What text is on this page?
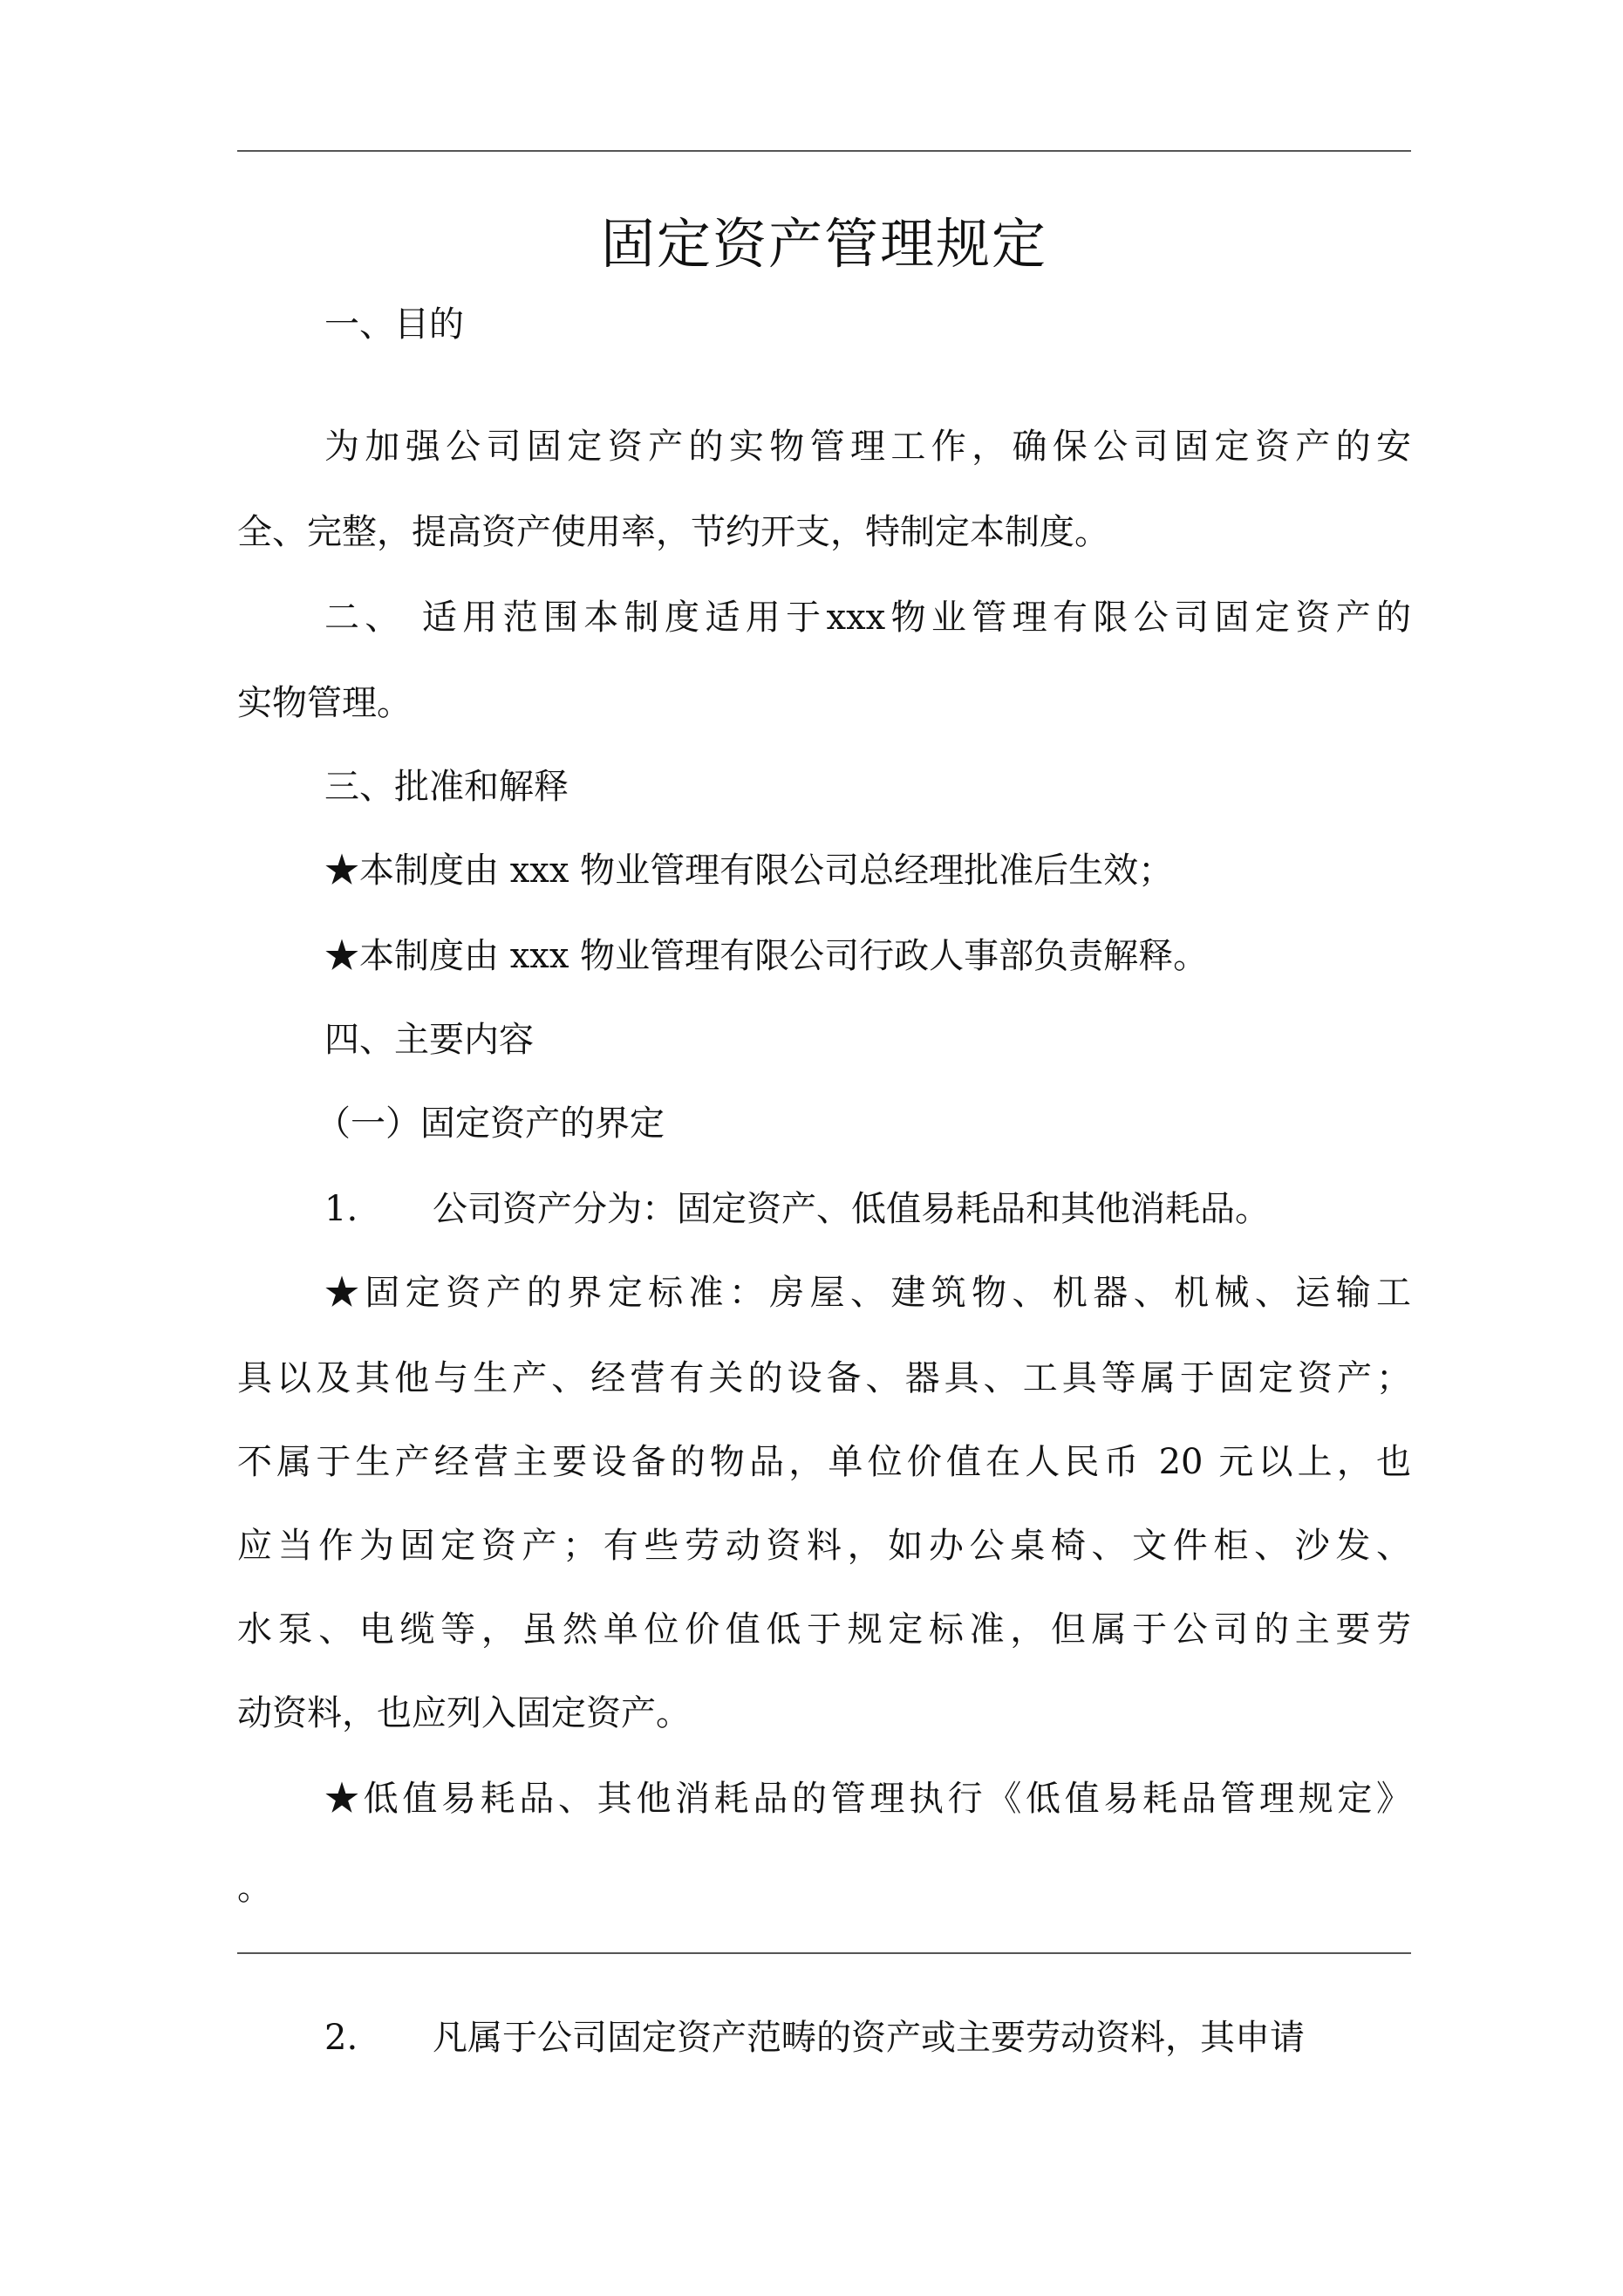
固定资产管理规定
一、目的
为加强公司固定资产的实物管理工作，确保公司固定资产的安
全、完整，提高资产使用率，节约开支，特制定本制度。
二、 适用范围本制度适用于xxx物业管理有限公司固定资产的
实物管理。
三、批准和解释
★本制度由 xxx 物业管理有限公司总经理批准后生效；
★本制度由 xxx 物业管理有限公司行政人事部负责解释。
四、主要内容
（一）固定资产的界定
1. 公司资产分为：固定资产、低值易耗品和其他消耗品。
★固定资产的界定标准：房屋、建筑物、机器、机械、运输工
具以及其他与生产、经营有关的设备、器具、工具等属于固定资产；
不属于生产经营主要设备的物品，单位价值在人民币 20 元以上，也
应当作为固定资产；有些劳动资料，如办公桌椅、文件柜、沙发、
水泵、电缆等，虽然单位价值低于规定标准，但属于公司的主要劳
动资料，也应列入固定资产。
★低值易耗品、其他消耗品的管理执行《低值易耗品管理规定》
。
2. 凡属于公司固定资产范畴的资产或主要劳动资料，其申请
